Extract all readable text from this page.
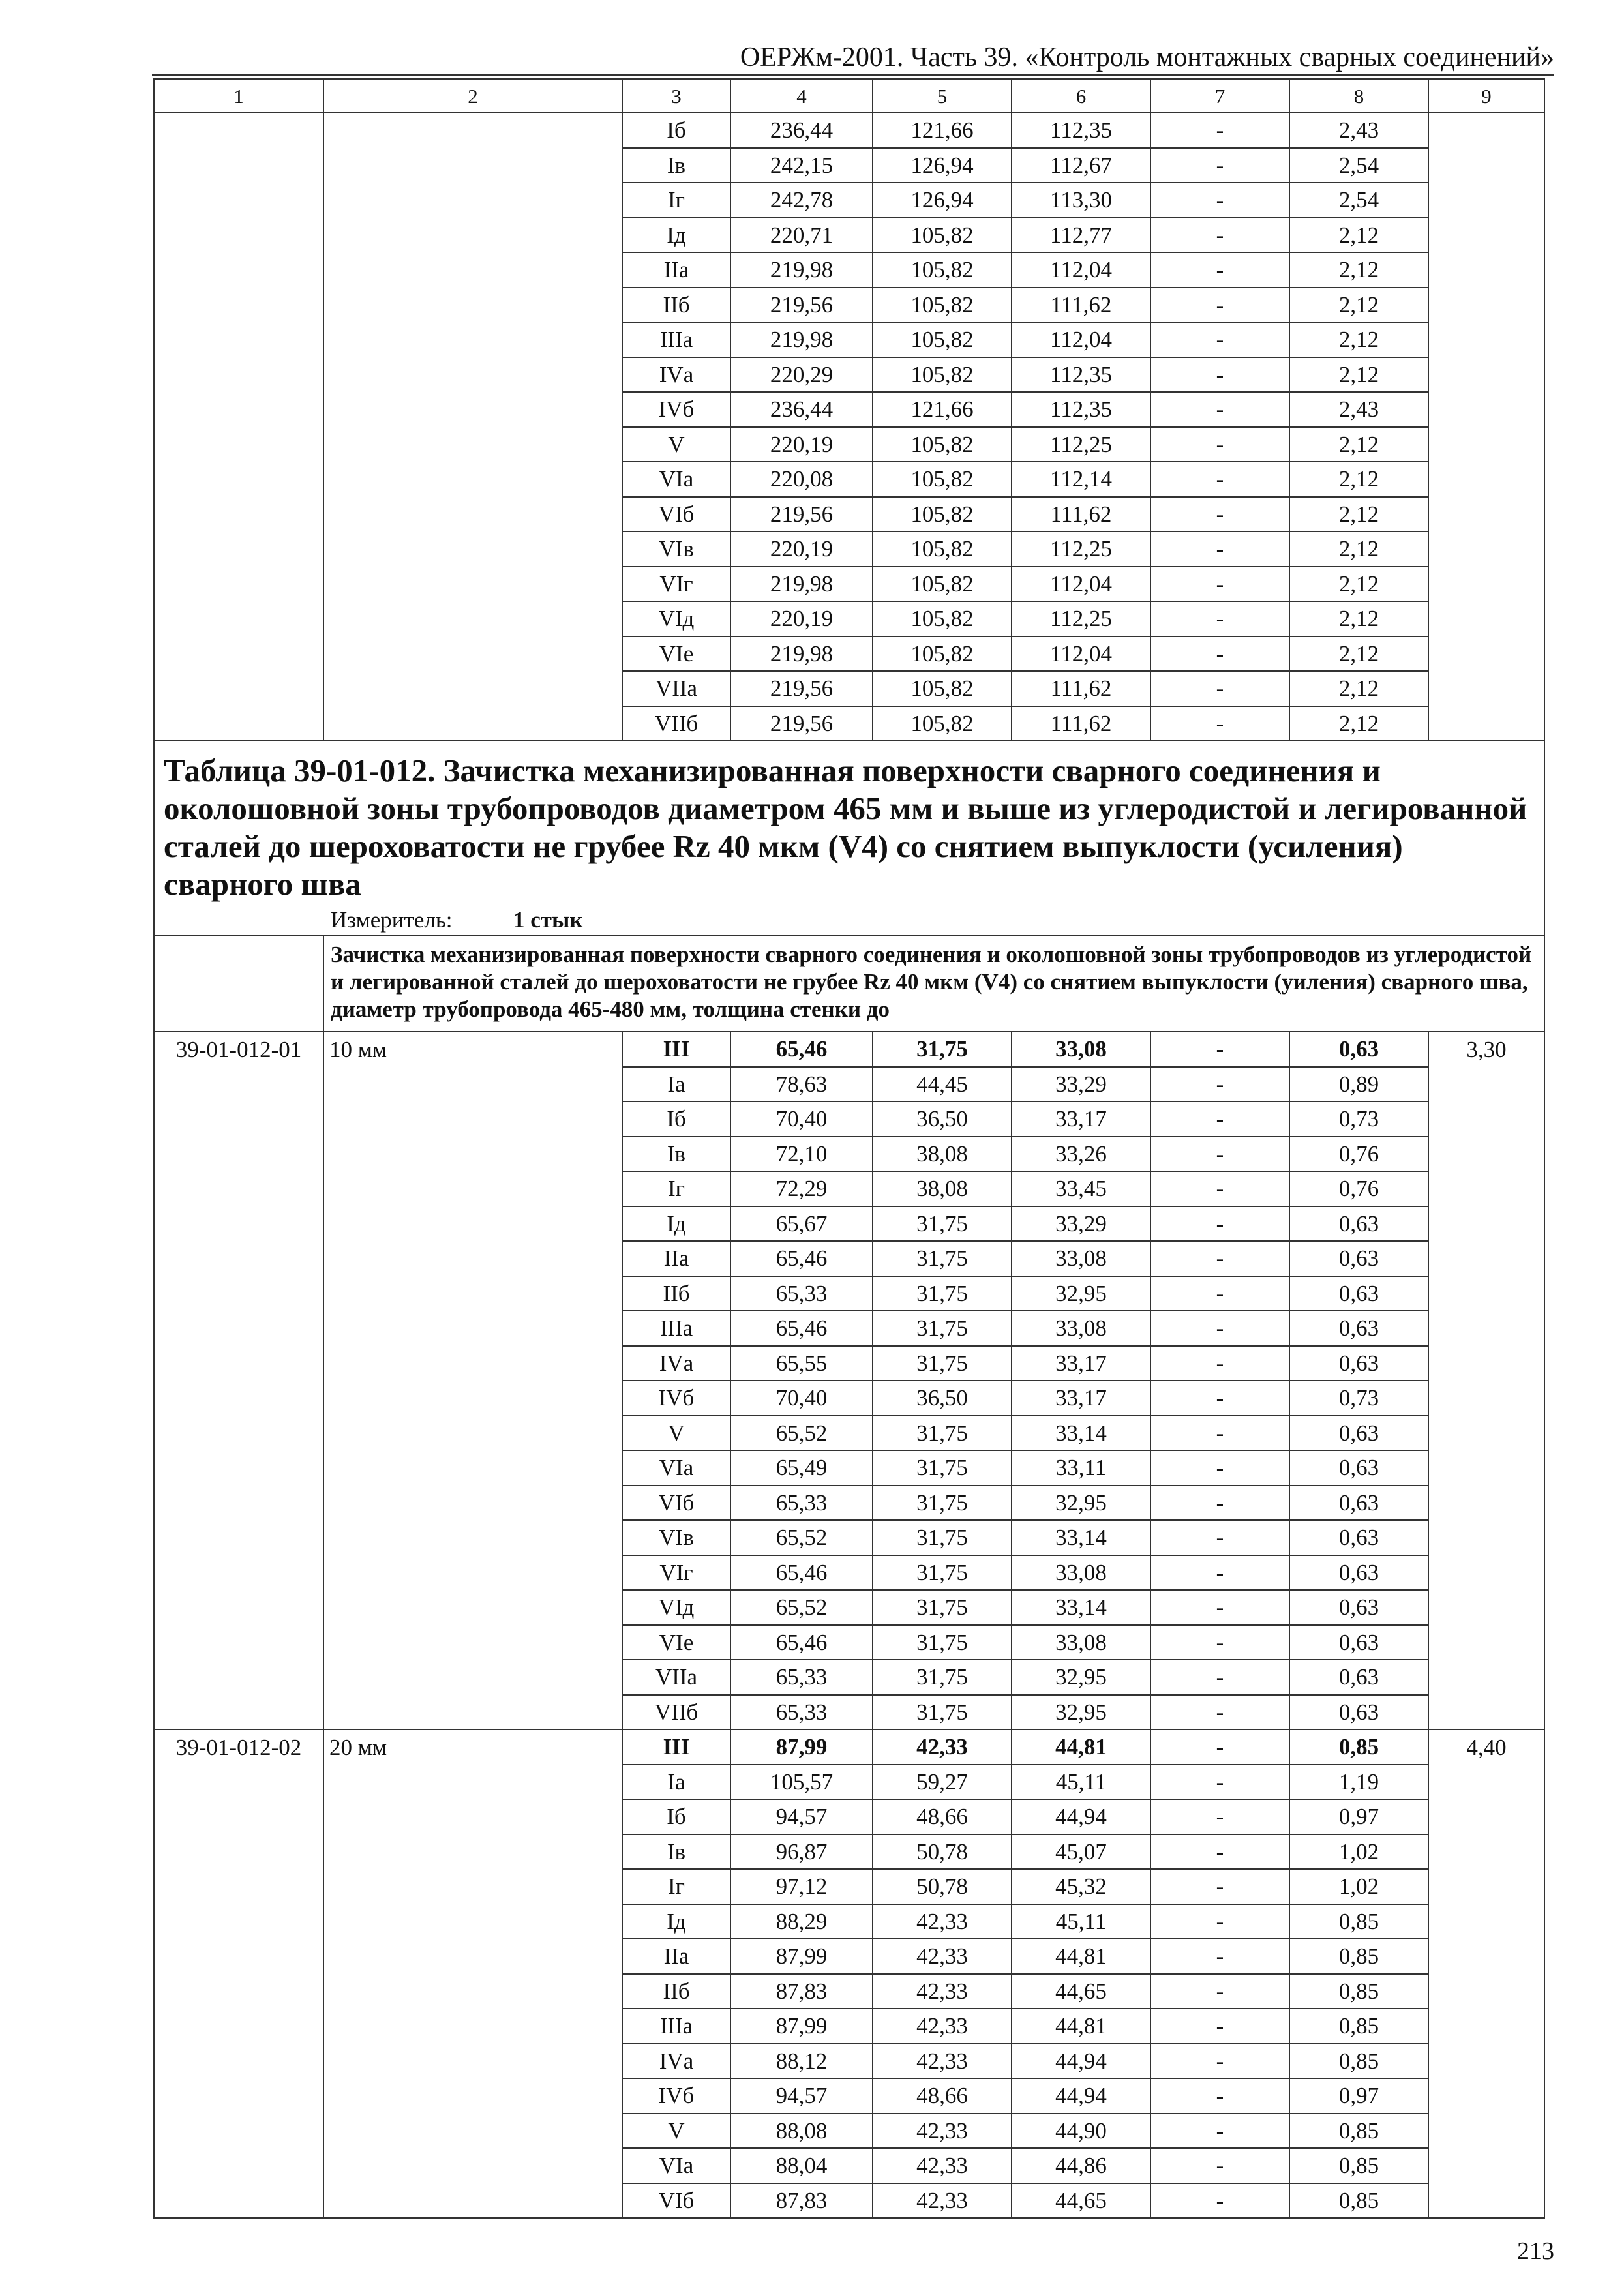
ОЕРЖм-2001. Часть 39. «Контроль монтажных сварных соединений»
1	2	3	4	5	6	7	8	9
		Iб	236,44	121,66	112,35	-	2,43	
		Iв	242,15	126,94	112,67	-	2,54	
		Iг	242,78	126,94	113,30	-	2,54	
		Iд	220,71	105,82	112,77	-	2,12	
		IIа	219,98	105,82	112,04	-	2,12	
		IIб	219,56	105,82	111,62	-	2,12	
		IIIа	219,98	105,82	112,04	-	2,12	
		IVа	220,29	105,82	112,35	-	2,12	
		IVб	236,44	121,66	112,35	-	2,43	
		V	220,19	105,82	112,25	-	2,12	
		VIа	220,08	105,82	112,14	-	2,12	
		VIб	219,56	105,82	111,62	-	2,12	
		VIв	220,19	105,82	112,25	-	2,12	
		VIг	219,98	105,82	112,04	-	2,12	
		VIд	220,19	105,82	112,25	-	2,12	
		VIе	219,98	105,82	112,04	-	2,12	
		VIIа	219,56	105,82	111,62	-	2,12	
		VIIб	219,56	105,82	111,62	-	2,12	

Таблица 39-01-012. Зачистка механизированная поверхности сварного соединения и околошовной зоны трубопроводов диаметром 465 мм и выше из углеродистой и легированной сталей до шероховатости не грубее Rz 40 мкм (V4) со снятием выпуклости (усиления) сварного шва

Измеритель: 1 стык								

	Зачистка механизированная поверхности сварного соединения и околошовной зоны трубопроводов из углеродистой и легированной сталей до шероховатости не грубее Rz 40 мкм (V4) со снятием выпуклости (уиления) сварного шва, диаметр трубопровода 465-480 мм, толщина стенки до							
39-01-012-01	10 мм	III	65,46	31,75	33,08	-	0,63	3,30
		Iа	78,63	44,45	33,29	-	0,89	
		Iб	70,40	36,50	33,17	-	0,73	
		Iв	72,10	38,08	33,26	-	0,76	
		Iг	72,29	38,08	33,45	-	0,76	
		Iд	65,67	31,75	33,29	-	0,63	
		IIа	65,46	31,75	33,08	-	0,63	
		IIб	65,33	31,75	32,95	-	0,63	
		IIIа	65,46	31,75	33,08	-	0,63	
		IVа	65,55	31,75	33,17	-	0,63	
		IVб	70,40	36,50	33,17	-	0,73	
		V	65,52	31,75	33,14	-	0,63	
		VIа	65,49	31,75	33,11	-	0,63	
		VIб	65,33	31,75	32,95	-	0,63	
		VIв	65,52	31,75	33,14	-	0,63	
		VIг	65,46	31,75	33,08	-	0,63	
		VIд	65,52	31,75	33,14	-	0,63	
		VIе	65,46	31,75	33,08	-	0,63	
		VIIа	65,33	31,75	32,95	-	0,63	
		VIIб	65,33	31,75	32,95	-	0,63	
39-01-012-02	20 мм	III	87,99	42,33	44,81	-	0,85	4,40
		Iа	105,57	59,27	45,11	-	1,19	
		Iб	94,57	48,66	44,94	-	0,97	
		Iв	96,87	50,78	45,07	-	1,02	
		Iг	97,12	50,78	45,32	-	1,02	
		Iд	88,29	42,33	45,11	-	0,85	
		IIа	87,99	42,33	44,81	-	0,85	
		IIб	87,83	42,33	44,65	-	0,85	
		IIIа	87,99	42,33	44,81	-	0,85	
		IVа	88,12	42,33	44,94	-	0,85	
		IVб	94,57	48,66	44,94	-	0,97	
		V	88,08	42,33	44,90	-	0,85	
		VIа	88,04	42,33	44,86	-	0,85	
		VIб	87,83	42,33	44,65	-	0,85	
213
